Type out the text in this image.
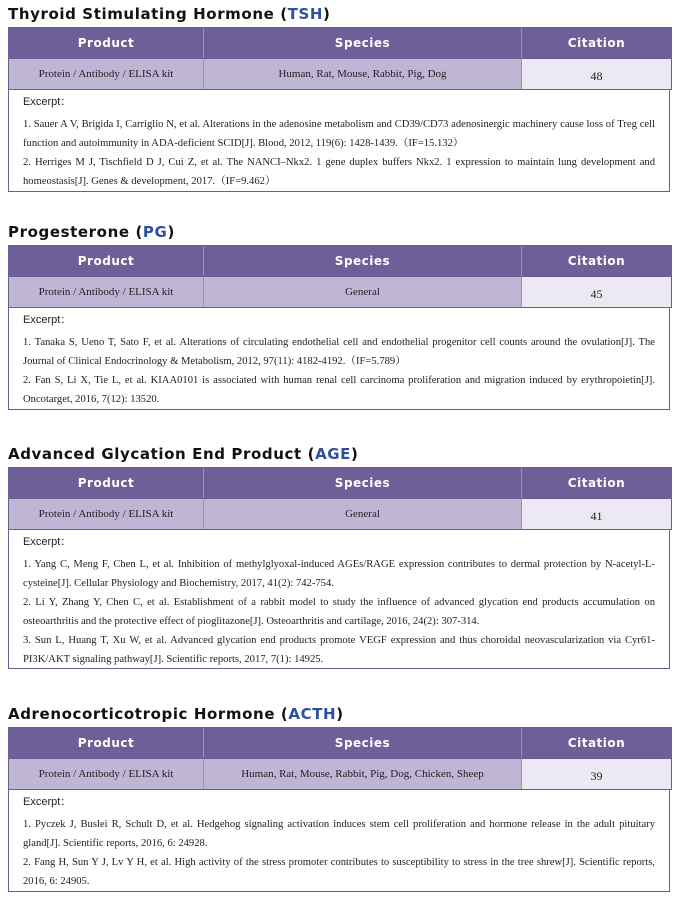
Thyroid Stimulating Hormone (TSH)
Product	Species	Citation
Protein / Antibody / ELISA kit	Human, Rat, Mouse, Rabbit, Pig, Dog	48
Excerpt：

1. Sauer A V, Brigida I, Carriglio N, et al. Alterations in the adenosine metabolism and CD39/CD73 adenosinergic machinery cause loss of Treg cell function and autoimmunity in ADA-deficient SCID[J]. Blood, 2012, 119(6): 1428-1439.（IF=15.132）

2. Herriges M J, Tischfield D J, Cui Z, et al. The NANCI–Nkx2. 1 gene duplex buffers Nkx2. 1 expression to maintain lung development and homeostasis[J]. Genes & development, 2017.（IF=9.462）

Progesterone (PG)
Product	Species	Citation
Protein / Antibody / ELISA kit	General	45
Excerpt：

1. Tanaka S, Ueno T, Sato F, et al. Alterations of circulating endothelial cell and endothelial progenitor cell counts around the ovulation[J]. The Journal of Clinical Endocrinology & Metabolism, 2012, 97(11): 4182-4192.（IF=5.789）

2. Fan S, Li X, Tie L, et al. KIAA0101 is associated with human renal cell carcinoma proliferation and migration induced by erythropoietin[J]. Oncotarget, 2016, 7(12): 13520.

Advanced Glycation End Product (AGE)
Product	Species	Citation
Protein / Antibody / ELISA kit	General	41
Excerpt：

1. Yang C, Meng F, Chen L, et al. Inhibition of methylglyoxal-induced AGEs/RAGE expression contributes to dermal protection by N-acetyl-L-cysteine[J]. Cellular Physiology and Biochemistry, 2017, 41(2): 742-754.

2. Li Y, Zhang Y, Chen C, et al. Establishment of a rabbit model to study the influence of advanced glycation end products accumulation on osteoarthritis and the protective effect of pioglitazone[J]. Osteoarthritis and cartilage, 2016, 24(2): 307-314.

3. Sun L, Huang T, Xu W, et al. Advanced glycation end products promote VEGF expression and thus choroidal neovascularization via Cyr61-PI3K/AKT signaling pathway[J]. Scientific reports, 2017, 7(1): 14925.

Adrenocorticotropic Hormone (ACTH)
Product	Species	Citation
Protein / Antibody / ELISA kit	Human, Rat, Mouse, Rabbit, Pig, Dog, Chicken, Sheep	39
Excerpt：

1. Pyczek J, Buslei R, Schult D, et al. Hedgehog signaling activation induces stem cell proliferation and hormone release in the adult pituitary gland[J]. Scientific reports, 2016, 6: 24928.

2. Fang H, Sun Y J, Lv Y H, et al. High activity of the stress promoter contributes to susceptibility to stress in the tree shrew[J]. Scientific reports, 2016, 6: 24905.
